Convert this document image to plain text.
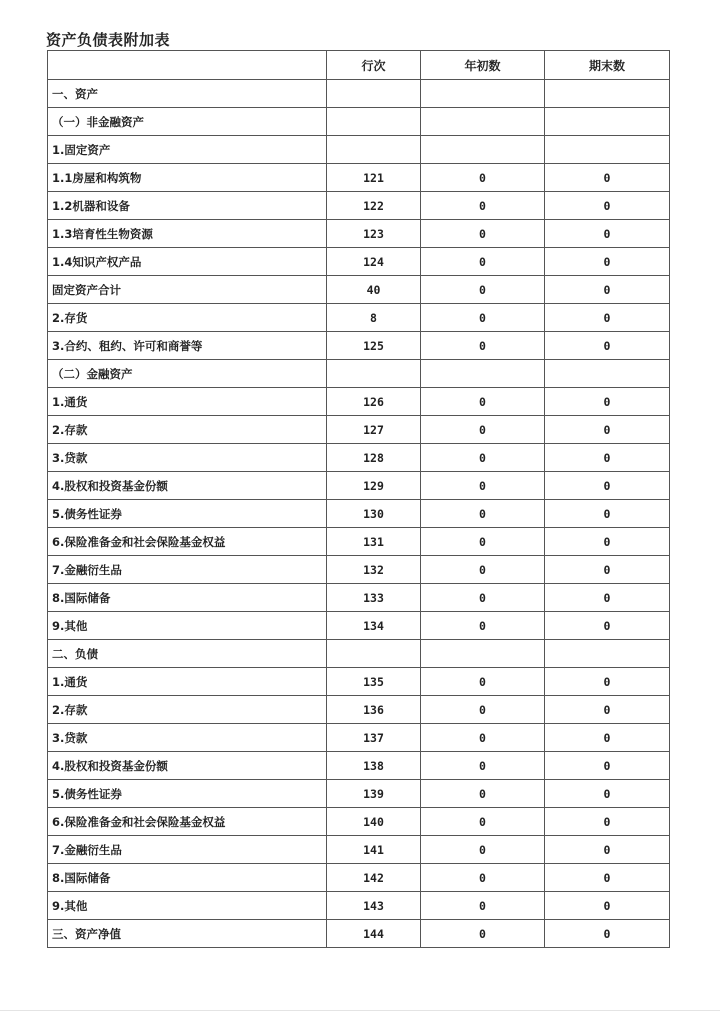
资产负债表附加表
	行次	年初数	期末数
一、资产			
（一）非金融资产			
1.固定资产			
1.1房屋和构筑物	121	0	0
1.2机器和设备	122	0	0
1.3培育性生物资源	123	0	0
1.4知识产权产品	124	0	0
固定资产合计	40	0	0
2.存货	8	0	0
3.合约、租约、许可和商誉等	125	0	0
（二）金融资产			
1.通货	126	0	0
2.存款	127	0	0
3.贷款	128	0	0
4.股权和投资基金份额	129	0	0
5.债务性证券	130	0	0
6.保险准备金和社会保险基金权益	131	0	0
7.金融衍生品	132	0	0
8.国际储备	133	0	0
9.其他	134	0	0
二、负债			
1.通货	135	0	0
2.存款	136	0	0
3.贷款	137	0	0
4.股权和投资基金份额	138	0	0
5.债务性证券	139	0	0
6.保险准备金和社会保险基金权益	140	0	0
7.金融衍生品	141	0	0
8.国际储备	142	0	0
9.其他	143	0	0
三、资产净值	144	0	0
